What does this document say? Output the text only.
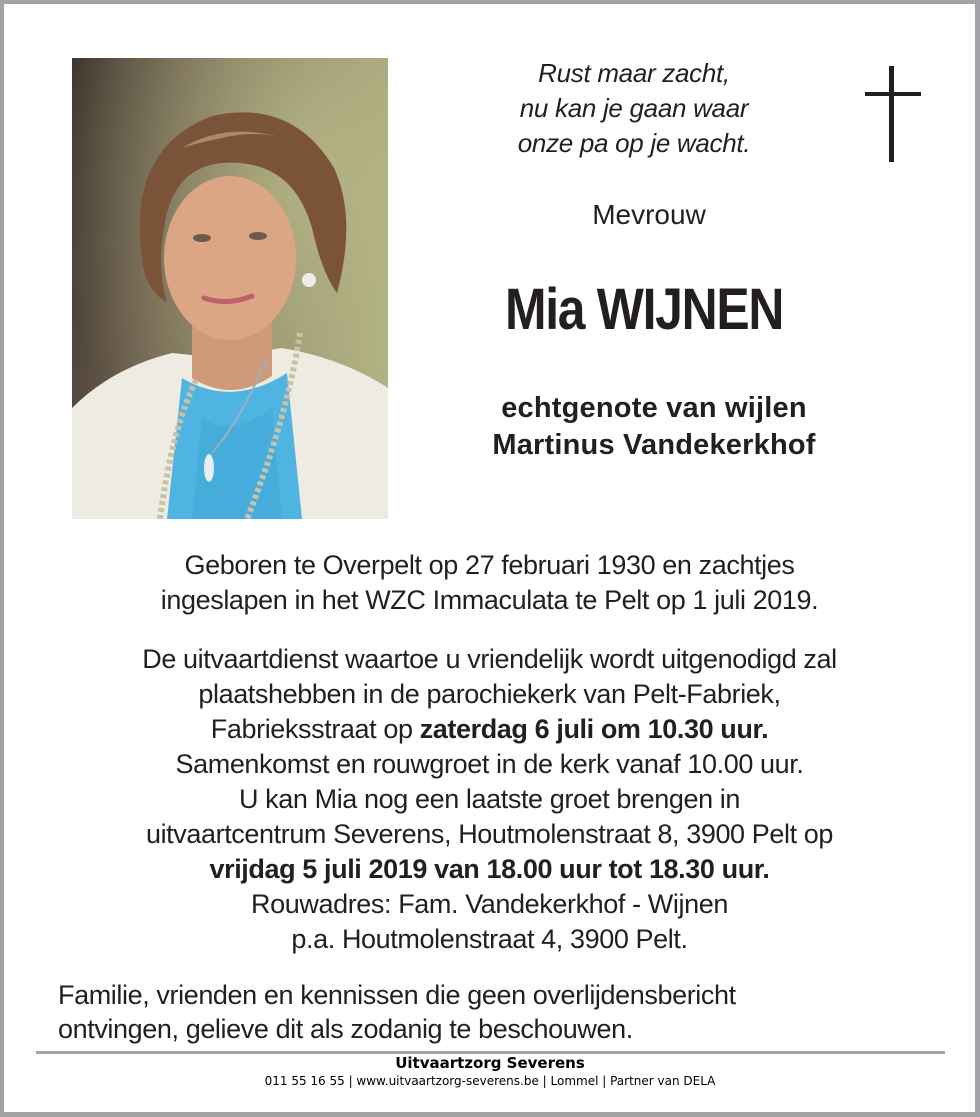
Rust maar zacht,
nu kan je gaan waar
onze pa op je wacht.
Mevrouw
Mia WIJNEN
echtgenote van wijlen
Martinus Vandekerkhof
Geboren te Overpelt op 27 februari 1930 en zachtjes
ingeslapen in het WZC Immaculata te Pelt op 1 juli 2019.
De uitvaartdienst waartoe u vriendelijk wordt uitgenodigd zal
plaatshebben in de parochiekerk van Pelt-Fabriek,
Fabrieksstraat op zaterdag 6 juli om 10.30 uur.
Samenkomst en rouwgroet in de kerk vanaf 10.00 uur.
U kan Mia nog een laatste groet brengen in
uitvaartcentrum Severens, Houtmolenstraat 8, 3900 Pelt op
vrijdag 5 juli 2019 van 18.00 uur tot 18.30 uur.
Rouwadres: Fam. Vandekerkhof - Wijnen
p.a. Houtmolenstraat 4, 3900 Pelt.
Familie, vrienden en kennissen die geen overlijdensbericht
ontvingen, gelieve dit als zodanig te beschouwen.
Uitvaartzorg Severens
011 55 16 55 | www.uitvaartzorg-severens.be | Lommel | Partner van DELA
